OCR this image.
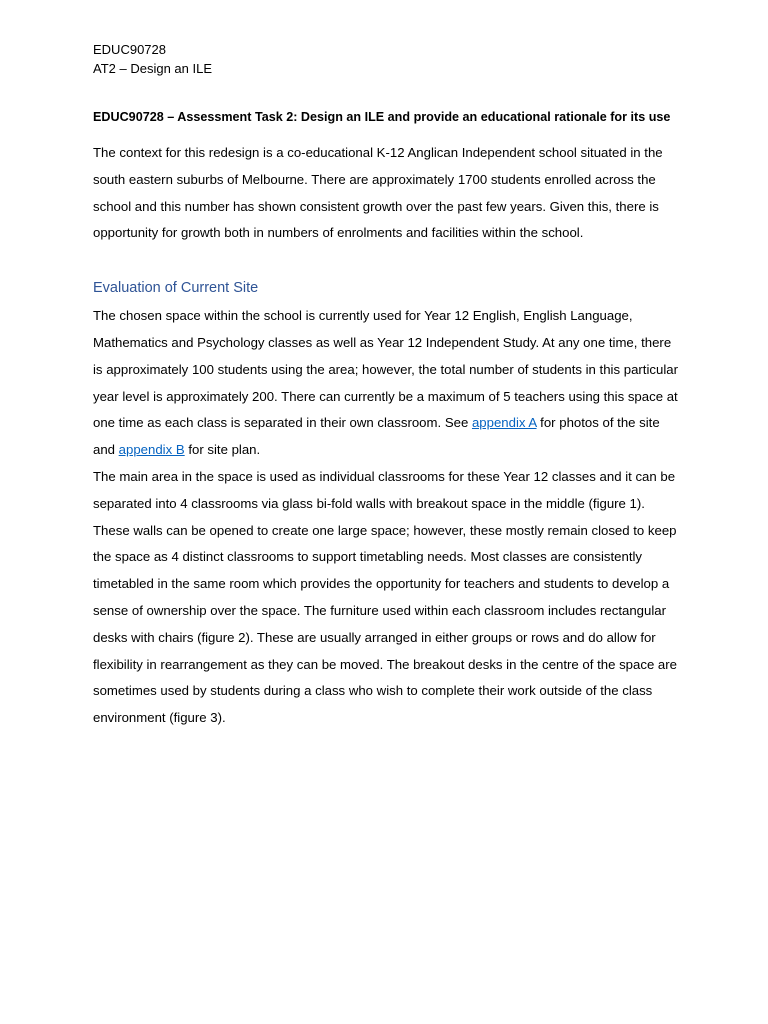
EDUC90728

AT2 – Design an ILE

EDUC90728 – Assessment Task 2: Design an ILE and provide an educational rationale for its use

The context for this redesign is a co-educational K-12 Anglican Independent school situated in the south eastern suburbs of Melbourne. There are approximately 1700 students enrolled across the school and this number has shown consistent growth over the past few years. Given this, there is opportunity for growth both in numbers of enrolments and facilities within the school.

Evaluation of Current Site

The chosen space within the school is currently used for Year 12 English, English Language, Mathematics and Psychology classes as well as Year 12 Independent Study. At any one time, there is approximately 100 students using the area; however, the total number of students in this particular year level is approximately 200. There can currently be a maximum of 5 teachers using this space at one time as each class is separated in their own classroom. See appendix A for photos of the site and appendix B for site plan.

The main area in the space is used as individual classrooms for these Year 12 classes and it can be separated into 4 classrooms via glass bi-fold walls with breakout space in the middle (figure 1). These walls can be opened to create one large space; however, these mostly remain closed to keep the space as 4 distinct classrooms to support timetabling needs. Most classes are consistently timetabled in the same room which provides the opportunity for teachers and students to develop a sense of ownership over the space. The furniture used within each classroom includes rectangular desks with chairs (figure 2). These are usually arranged in either groups or rows and do allow for flexibility in rearrangement as they can be moved. The breakout desks in the centre of the space are sometimes used by students during a class who wish to complete their work outside of the class environment (figure 3).
